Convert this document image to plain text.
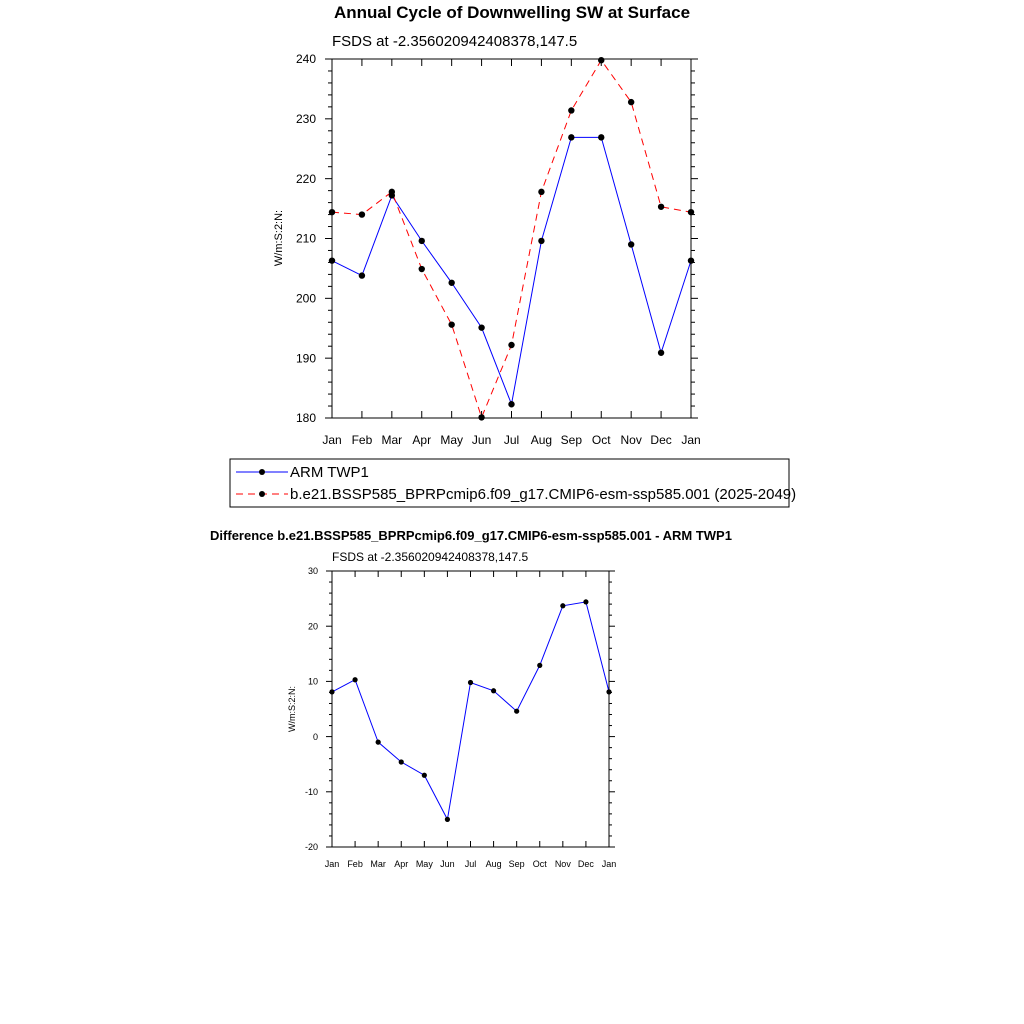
Annual Cycle of Downwelling SW at Surface
FSDS at -2.356020942408378,147.5
W/m:S:2:N:
Jan Feb Mar Apr May Jun Jul Aug Sep Oct Nov Dec Jan
180
190
200
210
220
230
240
ARM TWP1
b.e21.BSSP585_BPRPcmip6.f09_g17.CMIP6-esm-ssp585.001 (2025-2049)
Difference b.e21.BSSP585_BPRPcmip6.f09_g17.CMIP6-esm-ssp585.001 - ARM TWP1
FSDS at -2.356020942408378,147.5
W/m:S:2:N:
Jan Feb Mar Apr May Jun Jul Aug Sep Oct Nov Dec Jan
-20
-10
0
10
20
30
